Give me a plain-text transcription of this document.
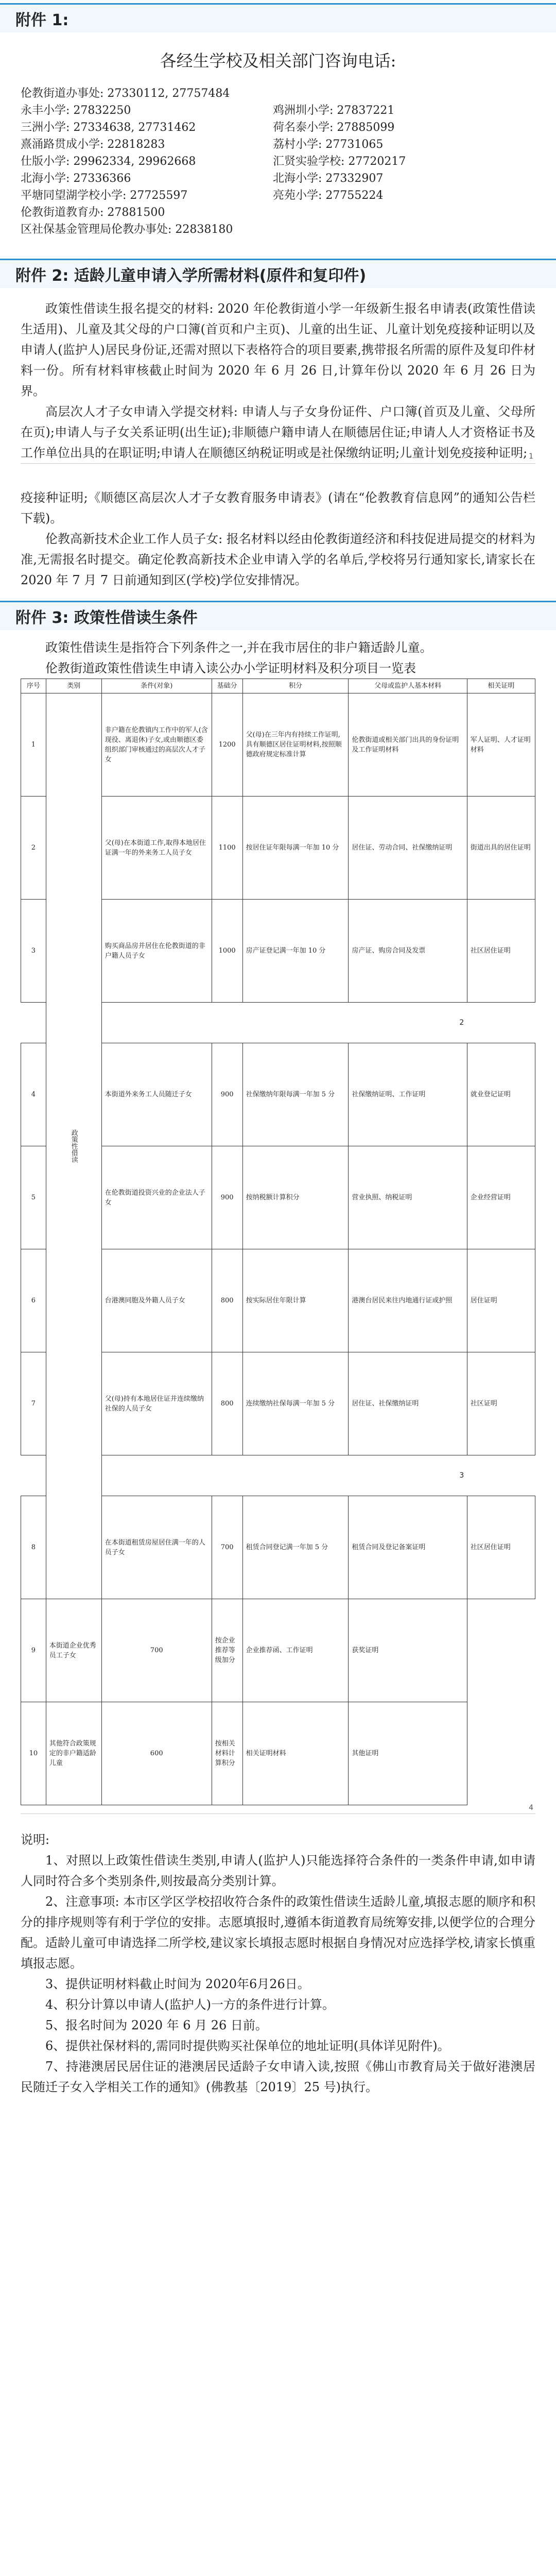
附件 1:
各经生学校及相关部门咨询电话:
伦教街道办事处: 27330112, 27757484
永丰小学: 27832250	鸡洲圳小学: 27837221
三洲小学: 27334638, 27731462	荷名泰小学: 27885099
熹涌路贯成小学: 22818283	荔村小学: 27731065
仕版小学: 29962334, 29962668	汇贤实验学校: 27720217
北海小学: 27336366	北海小学: 27332907
平塘同望湖学校小学: 27725597	亮苑小学: 27755224
伦教街道教育办: 27881500
区社保基金管理局伦教办事处: 22838180
附件 2: 适龄儿童申请入学所需材料(原件和复印件)

政策性借读生报名提交的材料: 2020 年伦教街道小学一年级新生报名申请表(政策性借读生适用)、儿童及其父母的户口簿(首页和户主页)、儿童的出生证、儿童计划免疫接种证明以及申请人(监护人)居民身份证,还需对照以下表格符合的项目要素,携带报名所需的原件及复印件材料一份。所有材料审核截止时间为 2020 年 6 月 26 日,计算年份以 2020 年 6 月 26 日为界。

高层次人才子女申请入学提交材料: 申请人与子女身份证件、户口簿(首页及儿童、父母所在页);申请人与子女关系证明(出生证);非顺德户籍申请人在顺德居住证;申请人人才资格证书及工作单位出具的在职证明;申请人在顺德区纳税证明或是社保缴纳证明;儿童计划免疫接种证明; 1

疫接种证明;《顺德区高层次人才子女教育服务申请表》(请在“伦教教育信息网”的通知公告栏下载)。

伦教高新技术企业工作人员子女: 报名材料以经由伦教街道经济和科技促进局提交的材料为准,无需报名时提交。确定伦教高新技术企业申请入学的名单后,学校将另行通知家长,请家长在 2020 年 7 月 7 日前通知到区(学校)学位安排情况。

附件 3: 政策性借读生条件

政策性借读生是指符合下列条件之一,并在我市居住的非户籍适龄儿童。

伦教街道政策性借读生申请入读公办小学证明材料及积分项目一览表

序号	类别	条件(对象)	基础分	积分	父母或监护人基本材料	相关证明
1	政策性借读	非户籍在伦教镇内工作中的军人(含现役、离退休)子女,或由顺德区委组织部门审核通过的高层次人才子女	1200	父(母)在三年内有持续工作证明,具有顺德区居住证明材料,按照顺德政府规定标准计算	伦教街道或相关部门出具的身份证明及工作证明材料	军人证明、人才证明材料
2		父(母)在本街道工作,取得本地居住证满一年的外来务工人员子女	1100	按居住证年限每满一年加 10 分	居住证、劳动合同、社保缴纳证明	街道出具的居住证明
3		购买商品房并居住在伦教街道的非户籍人员子女	1000	房产证登记满一年加 10 分	房产证、购房合同及发票	社区居住证明
2						
4		本街道外来务工人员随迁子女	900	社保缴纳年限每满一年加 5 分	社保缴纳证明、工作证明	就业登记证明
5		在伦教街道投资兴业的企业法人子女	900	按纳税额计算积分	营业执照、纳税证明	企业经营证明
6		台港澳同胞及外籍人员子女	800	按实际居住年限计算	港澳台居民来往内地通行证或护照	居住证明
7		父(母)持有本地居住证并连续缴纳社保的人员子女	800	连续缴纳社保每满一年加 5 分	居住证、社保缴纳证明	社区证明
3						
8		在本街道租赁房屋居住满一年的人员子女	700	租赁合同登记满一年加 5 分	租赁合同及登记备案证明	社区居住证明
9	本街道企业优秀员工子女	700	按企业推荐等级加分	企业推荐函、工作证明	获奖证明	
10	其他符合政策规定的非户籍适龄儿童	600	按相关材料计算积分	相关证明材料	其他证明	
4

说明:

1、对照以上政策性借读生类别,申请人(监护人)只能选择符合条件的一类条件申请,如申请人同时符合多个类别条件,则按最高分类别计算。

2、注意事项: 本市区学区学校招收符合条件的政策性借读生适龄儿童,填报志愿的顺序和积分的排序规则等有利于学位的安排。志愿填报时,遵循本街道教育局统筹安排,以便学位的合理分配。适龄儿童可申请选择二所学校,建议家长填报志愿时根据自身情况对应选择学校,请家长慎重填报志愿。

3、提供证明材料截止时间为 2020年6月26日。

4、积分计算以申请人(监护人)一方的条件进行计算。

5、报名时间为 2020 年 6 月 26 日前。

6、提供社保材料的,需同时提供购买社保单位的地址证明(具体详见附件)。

7、持港澳居民居住证的港澳居民适龄子女申请入读,按照《佛山市教育局关于做好港澳居民随迁子女入学相关工作的通知》(佛教基〔2019〕25 号)执行。
